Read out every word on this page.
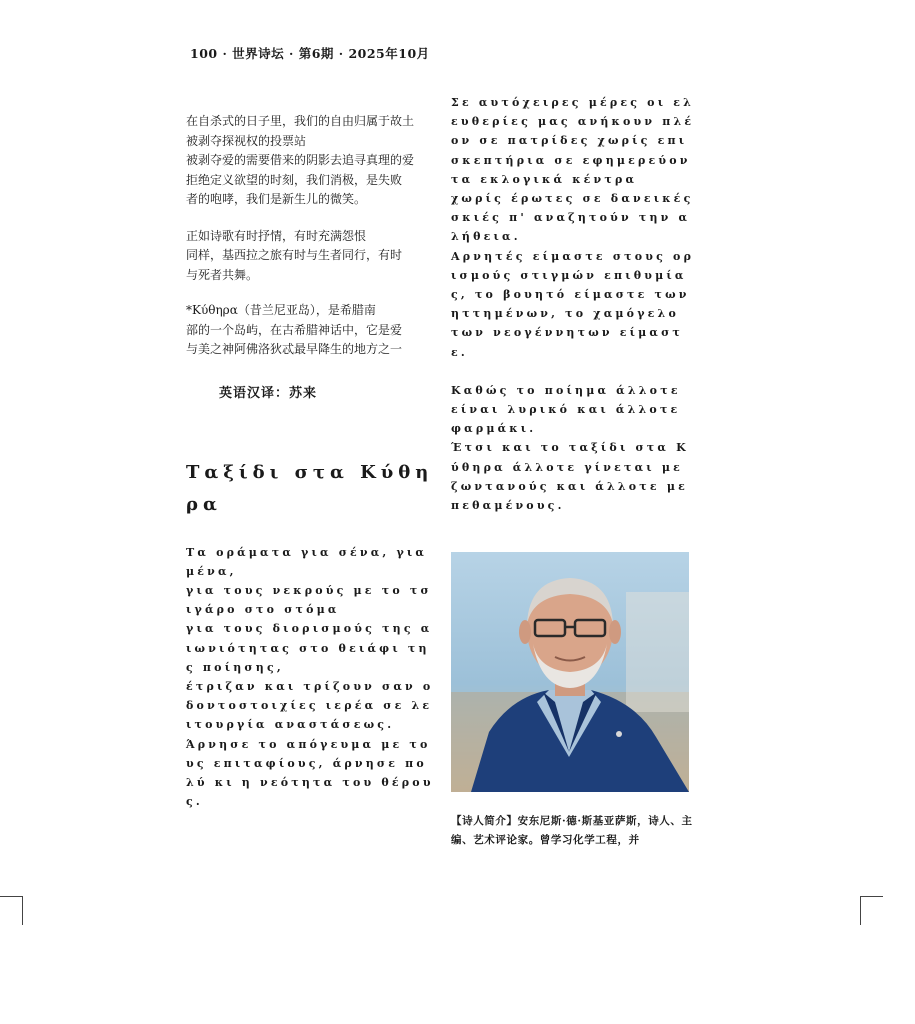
100 · 世界诗坛 · 第6期 · 2025年10月

在自杀式的日子里，我们的自由归属于故土

被剥夺探视权的投票站

被剥夺爱的需要借来的阴影去追寻真理的爱

拒绝定义欲望的时刻，我们消极，是失败

者的咆哮，我们是新生儿的微笑。

正如诗歌有时抒情，有时充满怨恨

同样，基西拉之旅有时与生者同行，有时

与死者共舞。

*Κύθηρα（昔兰尼亚岛），是希腊南

部的一个岛屿，在古希腊神话中，它是爱

与美之神阿佛洛狄忒最早降生的地方之一

英语汉译：苏来
Ταξίδι στα Κύθηρα

Τα οράματα για σένα, για μένα,

για τους νεκρούς με το τσιγάρο στο στόμα

για τους διορισμούς της αιωνιότητας στο θειάφι της ποίησης,

έτριζαν και τρίζουν σαν οδοντοστοιχίες ιερέα σε λειτουργία αναστάσεως.

Άρνησε το απόγευμα με τους επιταφίους, άρνησε πολύ κι η νεότητα του θέρους.

Σε αυτόχειρες μέρες οι ελευθερίες μας ανήκουν πλέον σε πατρίδες χωρίς επισκεπτήρια σε εφημερεύοντα εκλογικά κέντρα

χωρίς έρωτες σε δανεικές σκιές π' αναζητούν την αλήθεια.

Αρνητές είμαστε στους ορισμούς στιγμών επιθυμίας, το βουητό είμαστε των ηττημένων, το χαμόγελο των νεογέννητων είμαστε.

Καθώς το ποίημα άλλοτε είναι λυρικό και άλλοτε φαρμάκι.

Έτσι και το ταξίδι στα Κύθηρα άλλοτε γίνεται με ζωντανούς και άλλοτε με πεθαμένους.

【诗人简介】安东尼斯·德·斯基亚萨斯，诗人、主编、艺术评论家。曾学习化学工程，并
